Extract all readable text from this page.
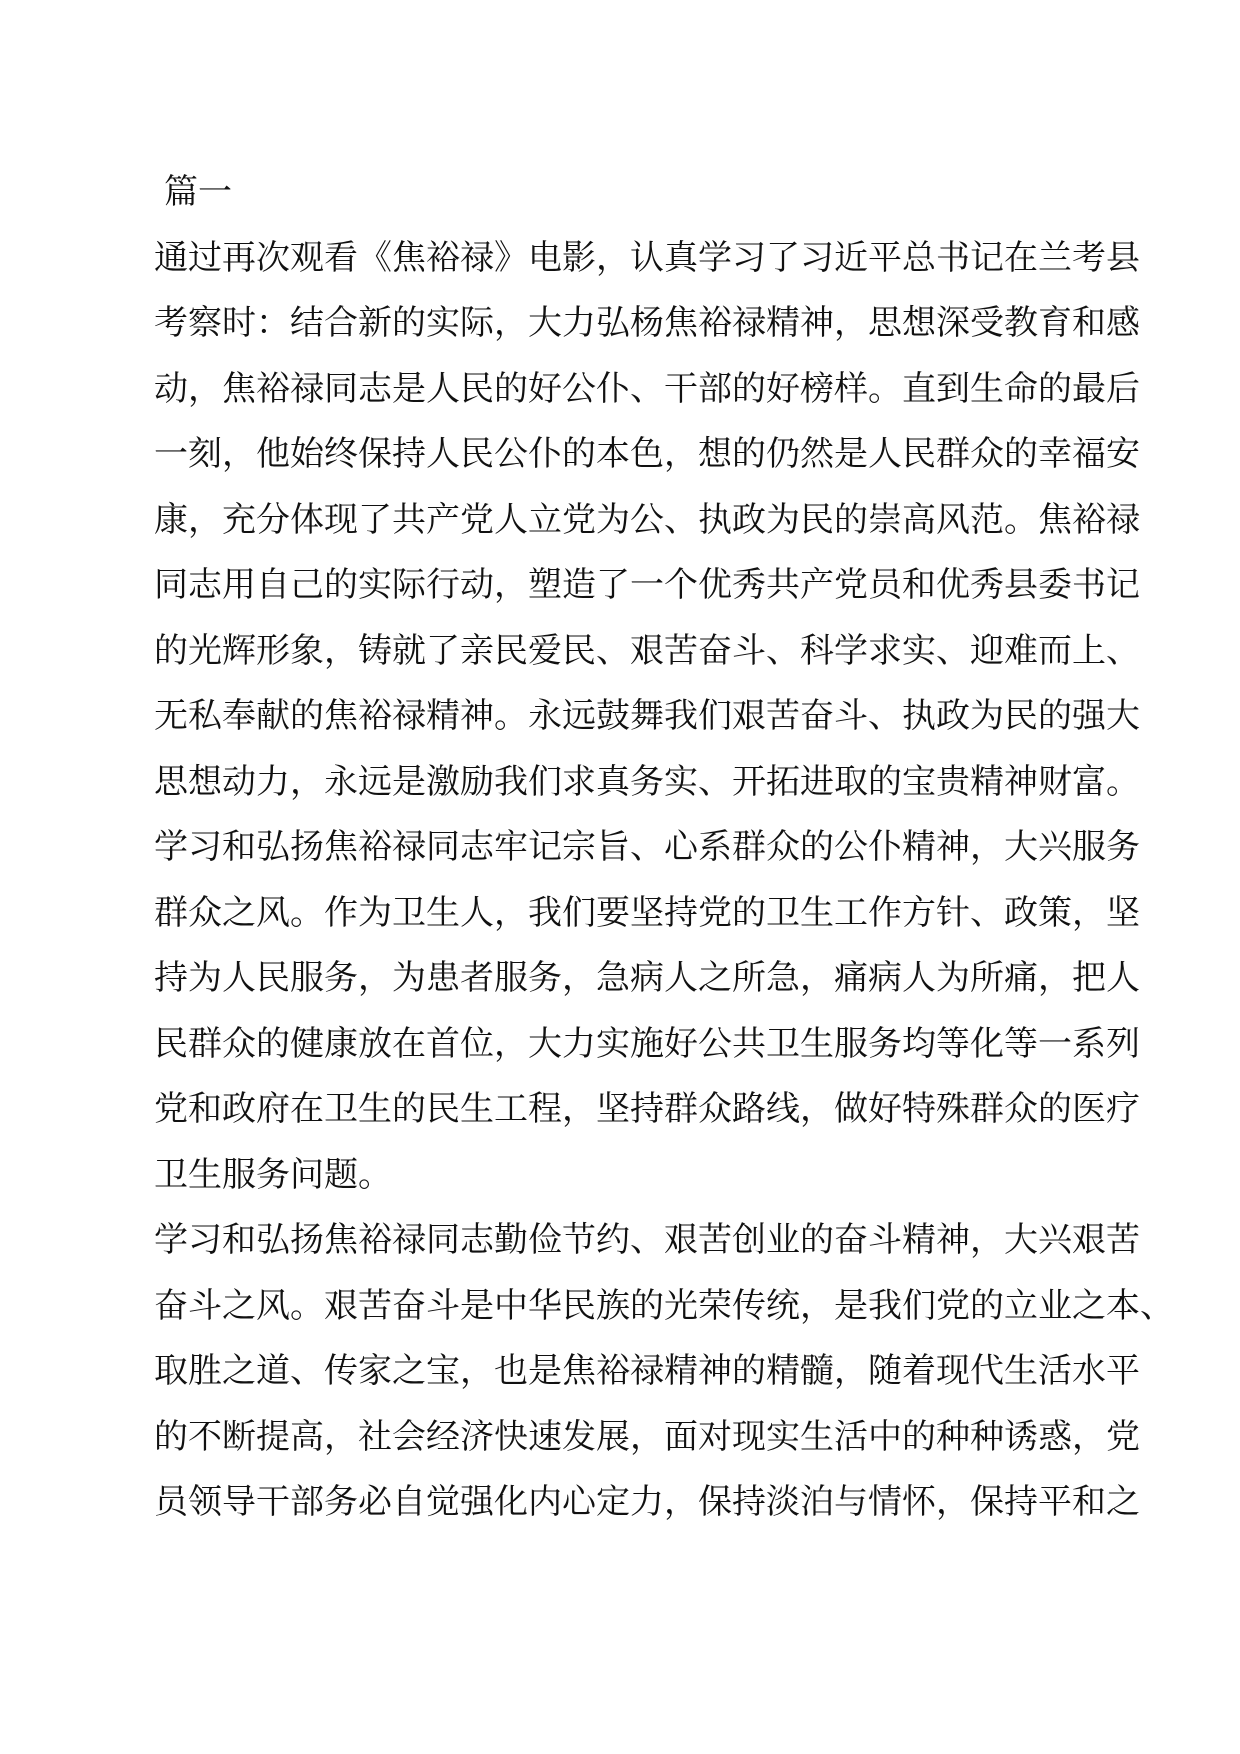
篇一
通过再次观看《焦裕禄》电影，认真学习了习近平总书记在兰考县
考察时：结合新的实际，大力弘杨焦裕禄精神，思想深受教育和感
动，焦裕禄同志是人民的好公仆、干部的好榜样。直到生命的最后
一刻，他始终保持人民公仆的本色，想的仍然是人民群众的幸福安
康，充分体现了共产党人立党为公、执政为民的崇高风范。焦裕禄
同志用自己的实际行动，塑造了一个优秀共产党员和优秀县委书记
的光辉形象，铸就了亲民爱民、艰苦奋斗、科学求实、迎难而上、
无私奉献的焦裕禄精神。永远鼓舞我们艰苦奋斗、执政为民的强大
思想动力，永远是激励我们求真务实、开拓进取的宝贵精神财富。
学习和弘扬焦裕禄同志牢记宗旨、心系群众的公仆精神，大兴服务
群众之风。作为卫生人，我们要坚持党的卫生工作方针、政策，坚
持为人民服务，为患者服务，急病人之所急，痛病人为所痛，把人
民群众的健康放在首位，大力实施好公共卫生服务均等化等一系列
党和政府在卫生的民生工程，坚持群众路线，做好特殊群众的医疗
卫生服务问题。
学习和弘扬焦裕禄同志勤俭节约、艰苦创业的奋斗精神，大兴艰苦
奋斗之风。艰苦奋斗是中华民族的光荣传统，是我们党的立业之本、
取胜之道、传家之宝，也是焦裕禄精神的精髓，随着现代生活水平
的不断提高，社会经济快速发展，面对现实生活中的种种诱惑，党
员领导干部务必自觉强化内心定力，保持淡泊与情怀，保持平和之
